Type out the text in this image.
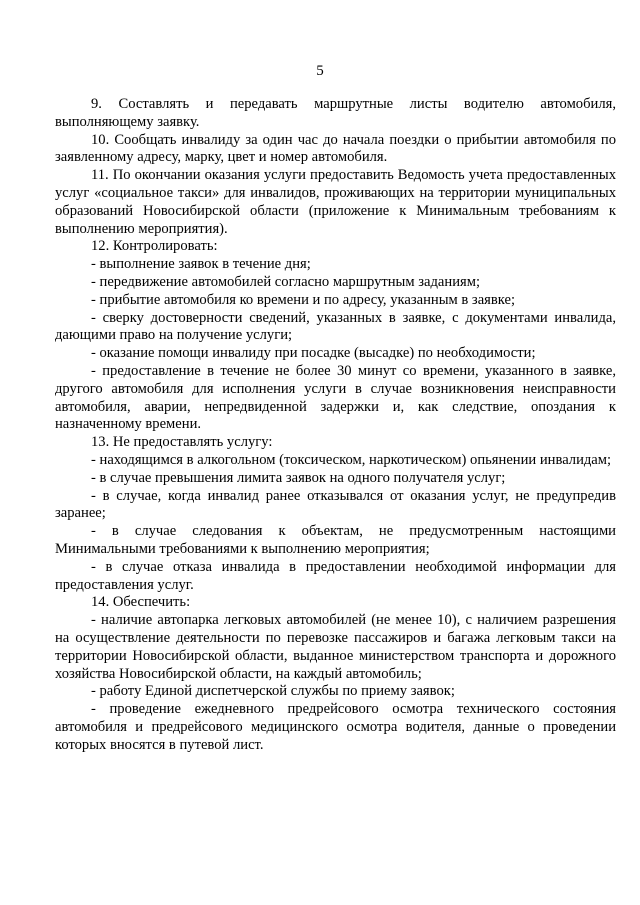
5

9. Составлять и передавать маршрутные листы водителю автомобиля, выполняющему заявку.

10. Сообщать инвалиду за один час до начала поездки о прибытии автомобиля по заявленному адресу, марку, цвет и номер автомобиля.

11. По окончании оказания услуги предоставить Ведомость учета предоставленных услуг «социальное такси» для инвалидов, проживающих на территории муниципальных образований Новосибирской области (приложение к Минимальным требованиям к выполнению мероприятия).

12. Контролировать:

- выполнение заявок в течение дня;

- передвижение автомобилей согласно маршрутным заданиям;

- прибытие автомобиля ко времени и по адресу, указанным в заявке;

- сверку достоверности сведений, указанных в заявке, с документами инвалида, дающими право на получение услуги;

- оказание помощи инвалиду при посадке (высадке) по необходимости;

- предоставление в течение не более 30 минут со времени, указанного в заявке, другого автомобиля для исполнения услуги в случае возникновения неисправности автомобиля, аварии, непредвиденной задержки и, как следствие, опоздания к назначенному времени.

13. Не предоставлять услугу:

- находящимся в алкогольном (токсическом, наркотическом) опьянении инвалидам;

- в случае превышения лимита заявок на одного получателя услуг;

- в случае, когда инвалид ранее отказывался от оказания услуг, не предупредив заранее;

- в случае следования к объектам, не предусмотренным настоящими Минимальными требованиями к выполнению мероприятия;

- в случае отказа инвалида в предоставлении необходимой информации для предоставления услуг.

14. Обеспечить:

- наличие автопарка легковых автомобилей (не менее 10), с наличием разрешения на осуществление деятельности по перевозке пассажиров и багажа легковым такси на территории Новосибирской области, выданное министерством транспорта и дорожного хозяйства Новосибирской области, на каждый автомобиль;

- работу Единой диспетчерской службы по приему заявок;

- проведение ежедневного предрейсового осмотра технического состояния автомобиля и предрейсового медицинского осмотра водителя, данные о проведении которых вносятся в путевой лист.
